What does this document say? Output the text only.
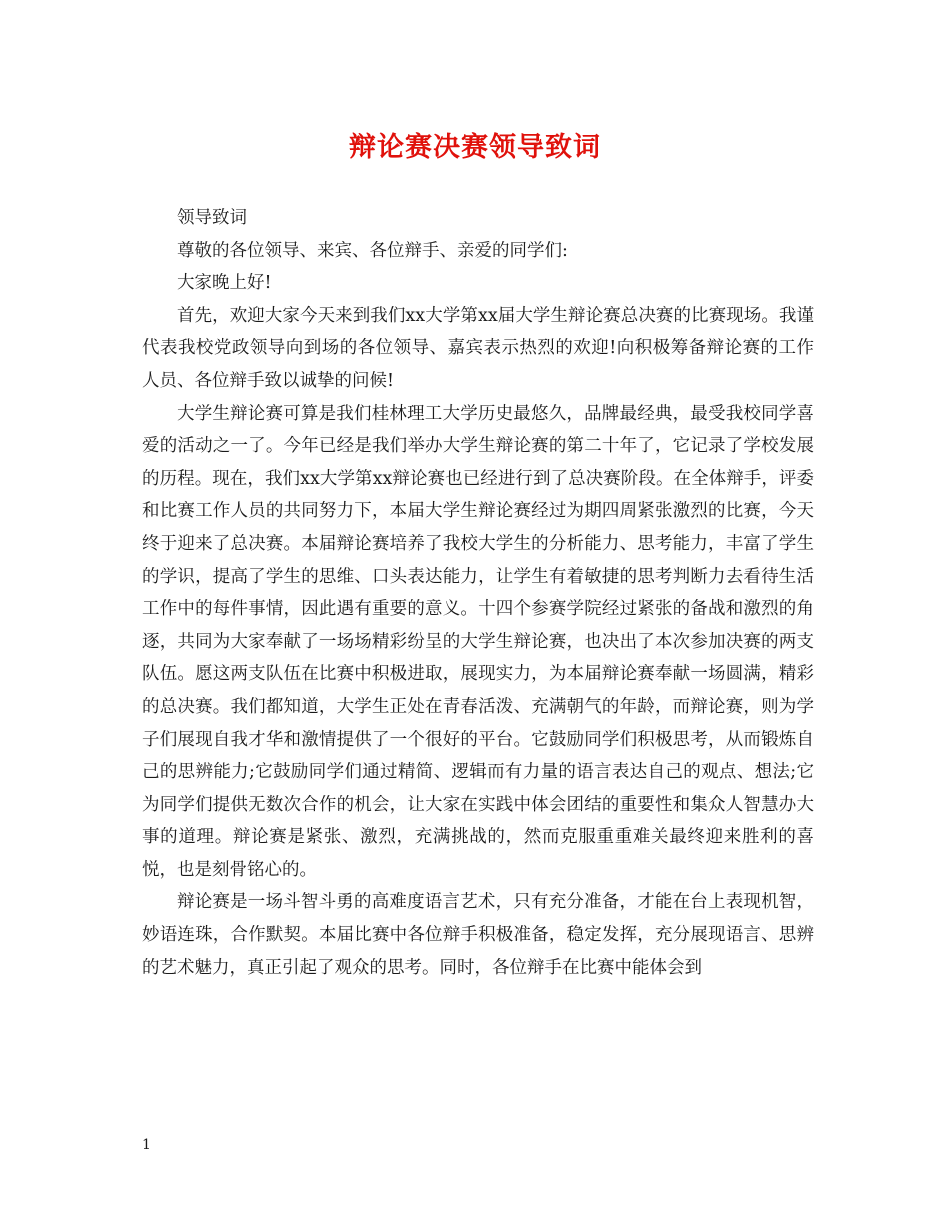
辩论赛决赛领导致词

领导致词

尊敬的各位领导、来宾、各位辩手、亲爱的同学们:

大家晚上好!

首先，欢迎大家今天来到我们xx大学第xx届大学生辩论赛总决赛的比赛现场。我谨代表我校党政领导向到场的各位领导、嘉宾表示热烈的欢迎!向积极筹备辩论赛的工作人员、各位辩手致以诚挚的问候!

大学生辩论赛可算是我们桂林理工大学历史最悠久，品牌最经典，最受我校同学喜爱的活动之一了。今年已经是我们举办大学生辩论赛的第二十年了，它记录了学校发展的历程。现在，我们xx大学第xx辩论赛也已经进行到了总决赛阶段。在全体辩手，评委和比赛工作人员的共同努力下，本届大学生辩论赛经过为期四周紧张激烈的比赛，今天终于迎来了总决赛。本届辩论赛培养了我校大学生的分析能力、思考能力，丰富了学生的学识，提高了学生的思维、口头表达能力，让学生有着敏捷的思考判断力去看待生活工作中的每件事情，因此遇有重要的意义。十四个参赛学院经过紧张的备战和激烈的角逐，共同为大家奉献了一场场精彩纷呈的大学生辩论赛，也决出了本次参加决赛的两支队伍。愿这两支队伍在比赛中积极进取，展现实力，为本届辩论赛奉献一场圆满，精彩的总决赛。我们都知道，大学生正处在青春活泼、充满朝气的年龄，而辩论赛，则为学子们展现自我才华和激情提供了一个很好的平台。它鼓励同学们积极思考，从而锻炼自己的思辨能力;它鼓励同学们通过精简、逻辑而有力量的语言表达自己的观点、想法;它为同学们提供无数次合作的机会，让大家在实践中体会团结的重要性和集众人智慧办大事的道理。辩论赛是紧张、激烈，充满挑战的，然而克服重重难关最终迎来胜利的喜悦，也是刻骨铭心的。

辩论赛是一场斗智斗勇的高难度语言艺术，只有充分准备，才能在台上表现机智，妙语连珠，合作默契。本届比赛中各位辩手积极准备，稳定发挥，充分展现语言、思辨的艺术魅力，真正引起了观众的思考。同时，各位辩手在比赛中能体会到

1
